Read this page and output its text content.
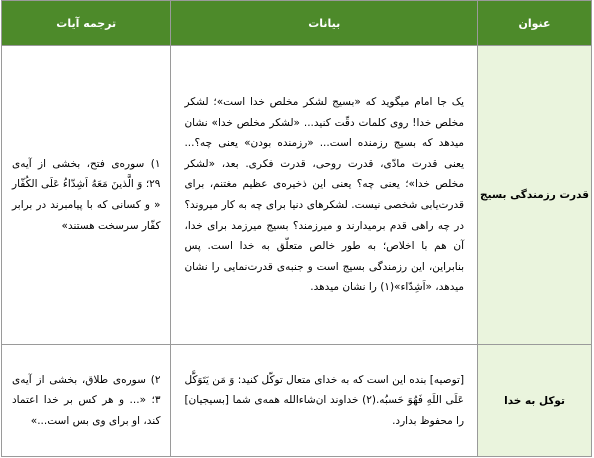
عنوان	بیانات	ترجمه آیات
قدرت رزمندگی بسیج	یک جا امام میگوید که «بسیج لشکر مخلص خدا است»؛ لشکر مخلص خدا! روی کلمات دقّت کنید... «لشکر مخلص خدا» نشان میدهد که بسیج رزمنده است... «رزمنده بودن» یعنی چه؟... یعنی قدرت مادّی، قدرت روحی، قدرت فکری. بعد، «لشکر مخلص خدا»؛ یعنی چه؟ یعنی این ذخیره‌ی عظیم مغتنم، برای قدرت‌یابی شخصی نیست. لشکرهای دنیا برای چه به کار میروند؟ در چه راهی قدم برمیدارند و میرزمند؟ بسیج میرزمد برای خدا، آن هم با اخلاص؛ به طور خالص متعلّق به خدا است. پس بنابراین، این رزمندگی بسیج است و جنبه‌ی قدرت‌نمایی را نشان میدهد، «اَشِدّاء»(۱) را نشان میدهد.	۱) سوره‌ی فتح، بخشی از آیه‌ی ۲۹؛ وَ الَّذینَ مَعَهُ اَشِدّاءُ عَلَى الكُفّار « و كسانى كه با پيامبرند در برابر كفّار سرسخت هستند»
توکل به خدا	[توصیه] بنده این است که به خدای متعال توکّل کنید: وَ مَن يَتَوَكَّل عَلَى اللَهِ فَهُوَ حَسبُه.(۲) خداوند ان‌شاءالله همه‌ی شما [بسیجیان] را محفوظ بدارد.	۲) سوره‌ی طلاق، بخشی از آیه‌ی ۳؛ «... و هر كس بر خدا اعتماد كند، او براى وى بس است...»
